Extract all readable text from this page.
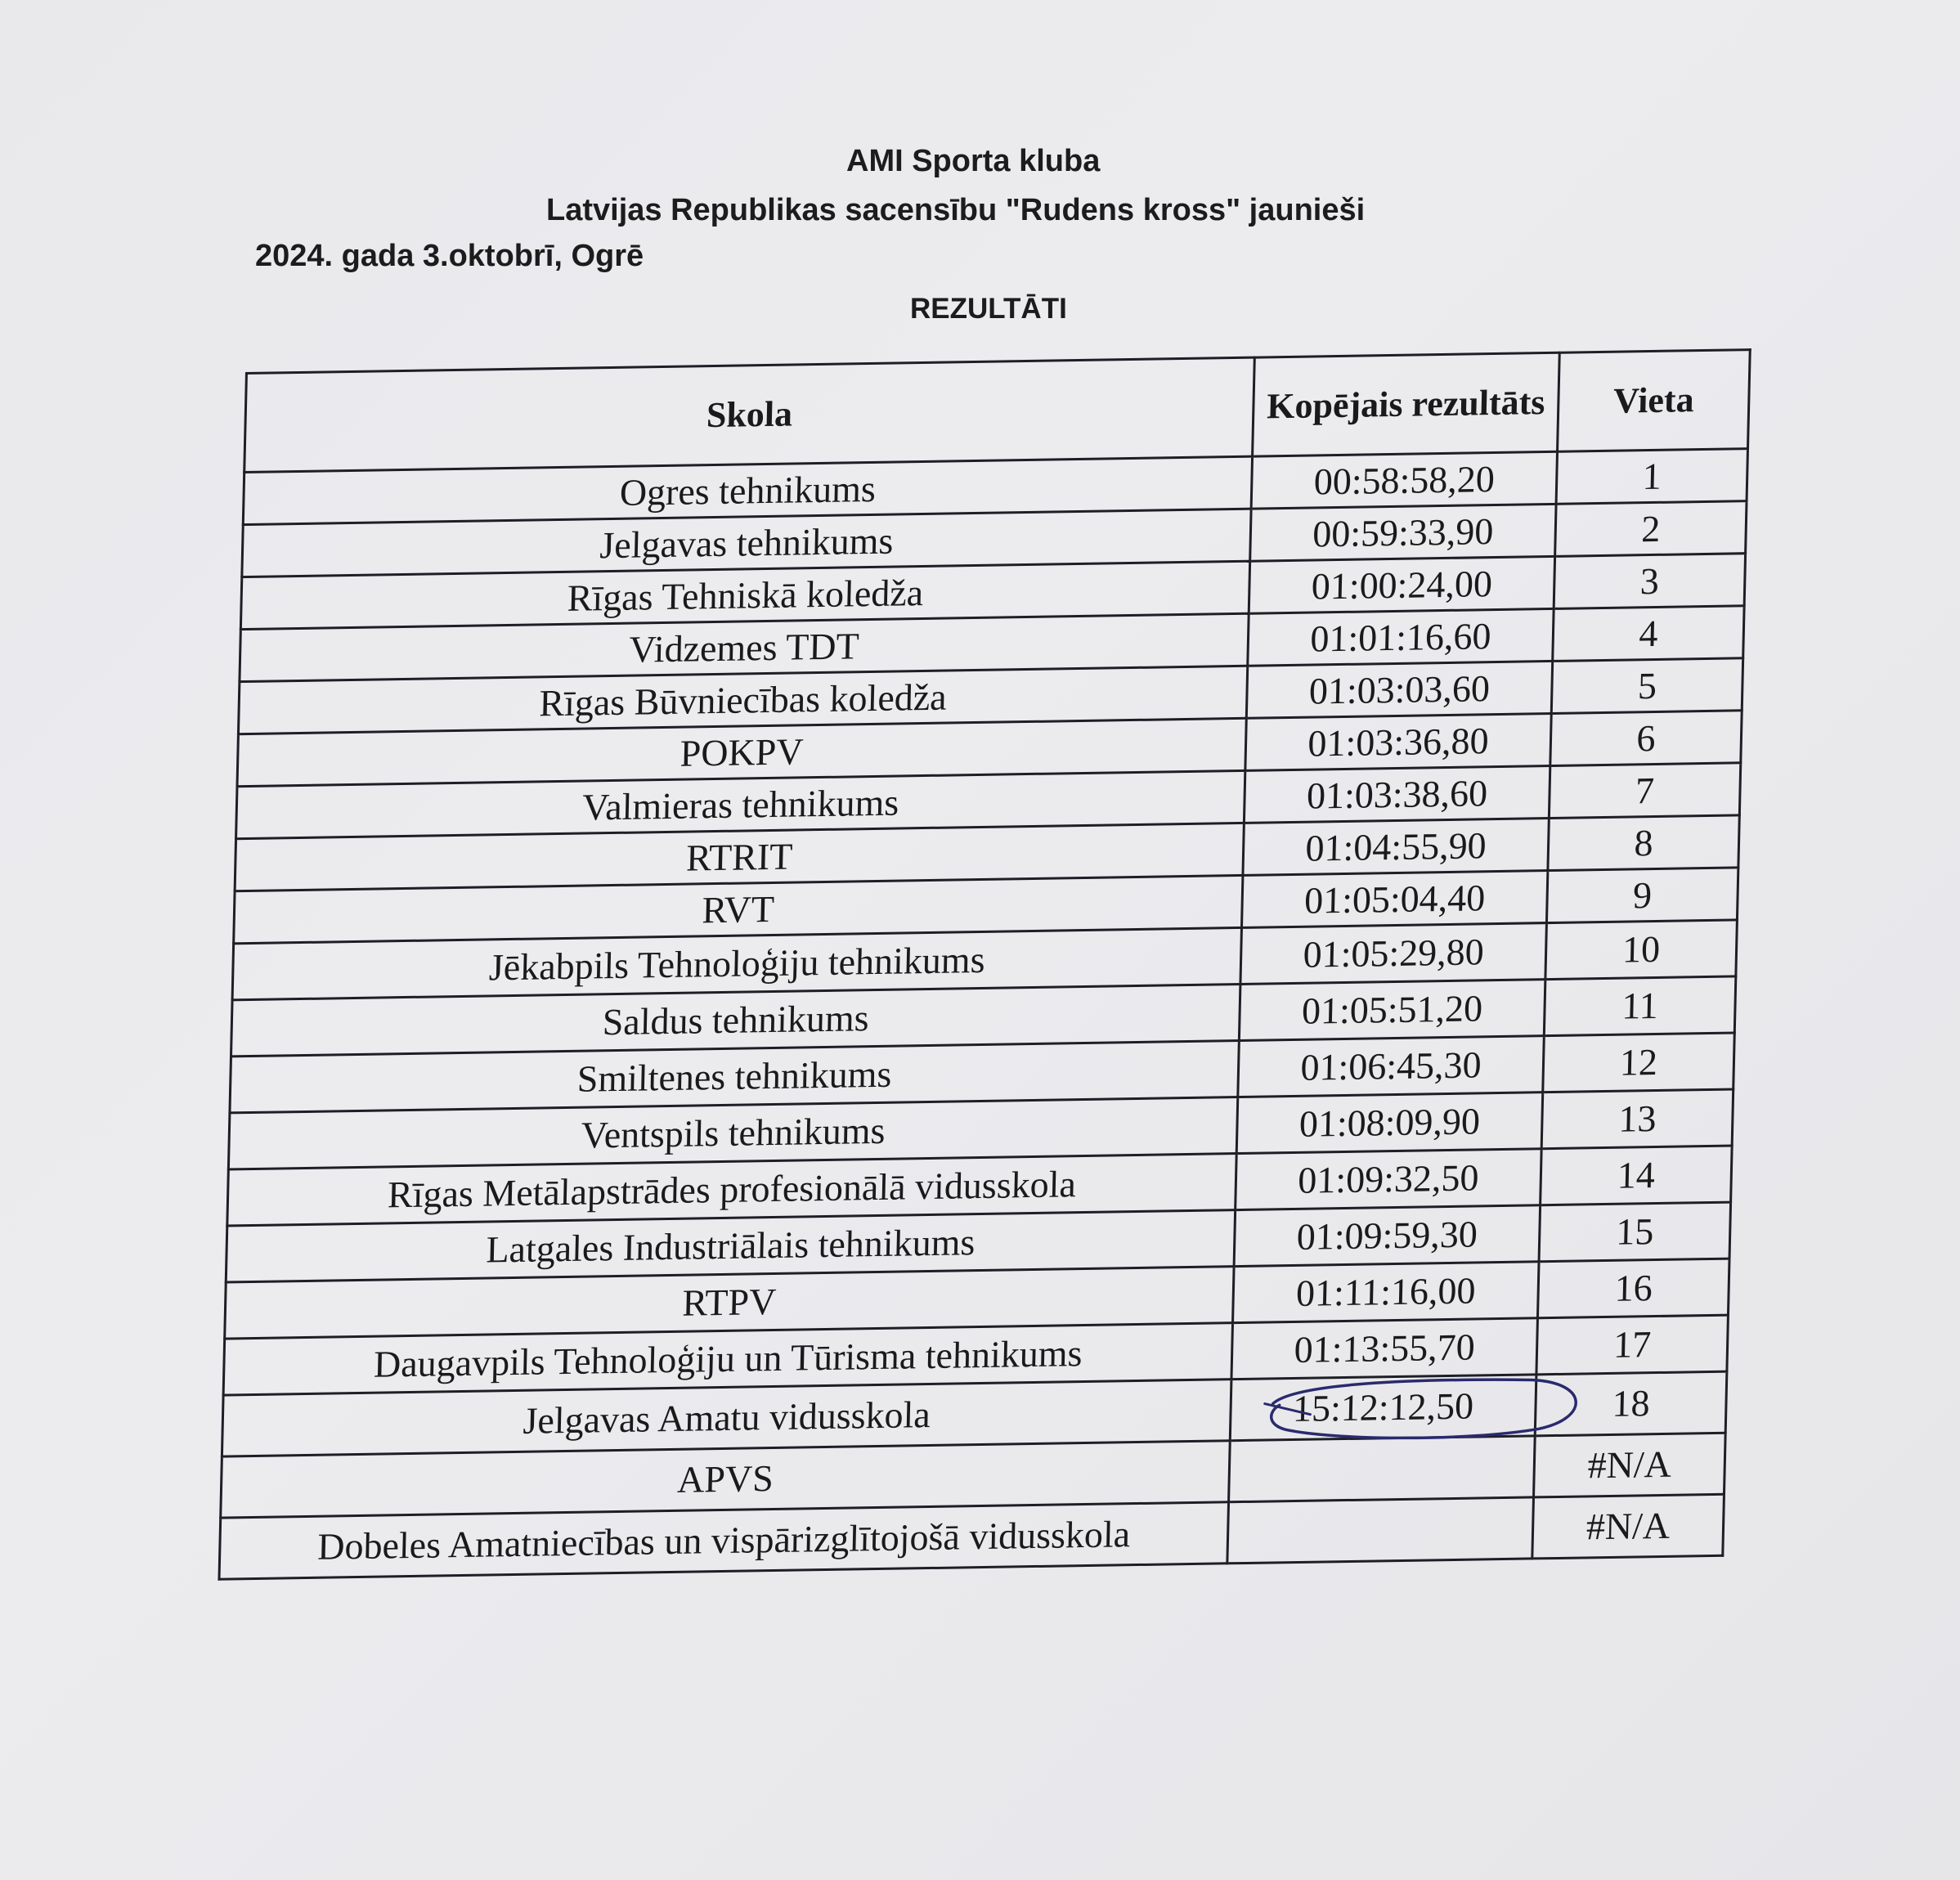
AMI Sporta kluba
Latvijas Republikas sacensību "Rudens kross" jaunieši
2024. gada 3.oktobrī, Ogrē
REZULTĀTI
Skola	Kopējais rezultāts	Vieta
Ogres tehnikums	00:58:58,20	1
Jelgavas tehnikums	00:59:33,90	2
Rīgas Tehniskā koledža	01:00:24,00	3
Vidzemes TDT	01:01:16,60	4
Rīgas Būvniecības koledža	01:03:03,60	5
POKPV	01:03:36,80	6
Valmieras tehnikums	01:03:38,60	7
RTRIT	01:04:55,90	8
RVT	01:05:04,40	9
Jēkabpils Tehnoloģiju tehnikums	01:05:29,80	10
Saldus tehnikums	01:05:51,20	11
Smiltenes tehnikums	01:06:45,30	12
Ventspils tehnikums	01:08:09,90	13
Rīgas Metālapstrādes profesionālā vidusskola	01:09:32,50	14
Latgales Industriālais tehnikums	01:09:59,30	15
RTPV	01:11:16,00	16
Daugavpils Tehnoloģiju un Tūrisma tehnikums	01:13:55,70	17
Jelgavas Amatu vidusskola	15:12:12,50	18
APVS		#N/A
Dobeles Amatniecības un vispārizglītojošā vidusskola		#N/A
